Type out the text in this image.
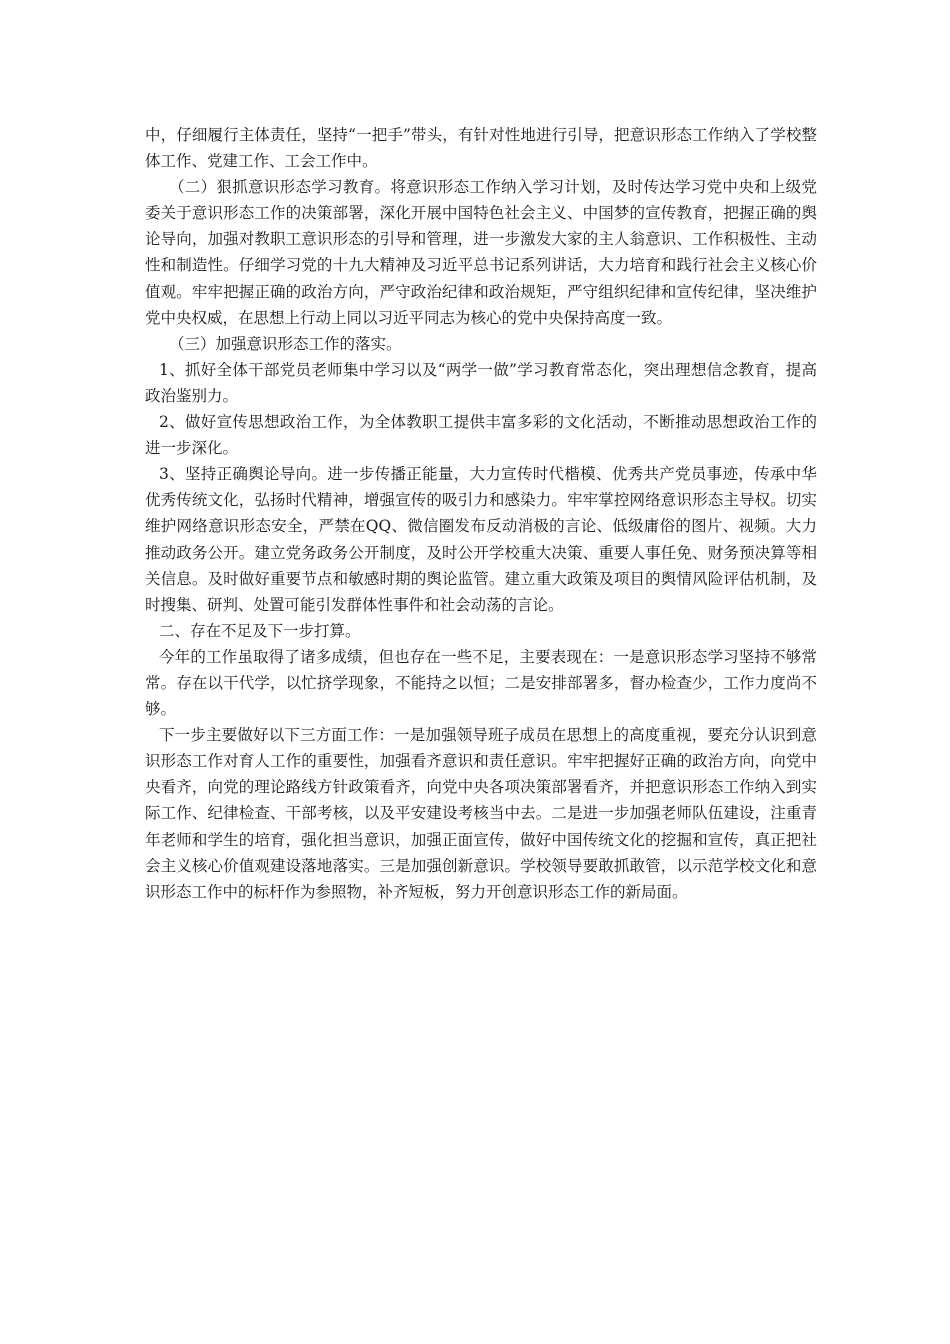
中，仔细履行主体责任，坚持“一把手”带头，有针对性地进行引导，把意识形态工作纳入了学校整体工作、党建工作、工会工作中。

（二）狠抓意识形态学习教育。将意识形态工作纳入学习计划，及时传达学习党中央和上级党委关于意识形态工作的决策部署，深化开展中国特色社会主义、中国梦的宣传教育，把握正确的舆论导向，加强对教职工意识形态的引导和管理，进一步激发大家的主人翁意识、工作积极性、主动性和制造性。仔细学习党的十九大精神及习近平总书记系列讲话，大力培育和践行社会主义核心价值观。牢牢把握正确的政治方向，严守政治纪律和政治规矩，严守组织纪律和宣传纪律，坚决维护党中央权威，在思想上行动上同以习近平同志为核心的党中央保持高度一致。

（三）加强意识形态工作的落实。

1、抓好全体干部党员老师集中学习以及“两学一做”学习教育常态化，突出理想信念教育，提高政治鉴别力。

2、做好宣传思想政治工作，为全体教职工提供丰富多彩的文化活动，不断推动思想政治工作的进一步深化。

3、坚持正确舆论导向。进一步传播正能量，大力宣传时代楷模、优秀共产党员事迹，传承中华优秀传统文化，弘扬时代精神，增强宣传的吸引力和感染力。牢牢掌控网络意识形态主导权。切实维护网络意识形态安全，严禁在QQ、微信圈发布反动消极的言论、低级庸俗的图片、视频。大力推动政务公开。建立党务政务公开制度，及时公开学校重大决策、重要人事任免、财务预决算等相关信息。及时做好重要节点和敏感时期的舆论监管。建立重大政策及项目的舆情风险评估机制，及时搜集、研判、处置可能引发群体性事件和社会动荡的言论。

二、存在不足及下一步打算。

今年的工作虽取得了诸多成绩，但也存在一些不足，主要表现在：一是意识形态学习坚持不够常常。存在以干代学，以忙挤学现象，不能持之以恒；二是安排部署多，督办检查少，工作力度尚不够。

下一步主要做好以下三方面工作：一是加强领导班子成员在思想上的高度重视，要充分认识到意识形态工作对育人工作的重要性，加强看齐意识和责任意识。牢牢把握好正确的政治方向，向党中央看齐，向党的理论路线方针政策看齐，向党中央各项决策部署看齐，并把意识形态工作纳入到实际工作、纪律检查、干部考核，以及平安建设考核当中去。二是进一步加强老师队伍建设，注重青年老师和学生的培育，强化担当意识，加强正面宣传，做好中国传统文化的挖掘和宣传，真正把社会主义核心价值观建设落地落实。三是加强创新意识。学校领导要敢抓敢管，以示范学校文化和意识形态工作中的标杆作为参照物，补齐短板，努力开创意识形态工作的新局面。
